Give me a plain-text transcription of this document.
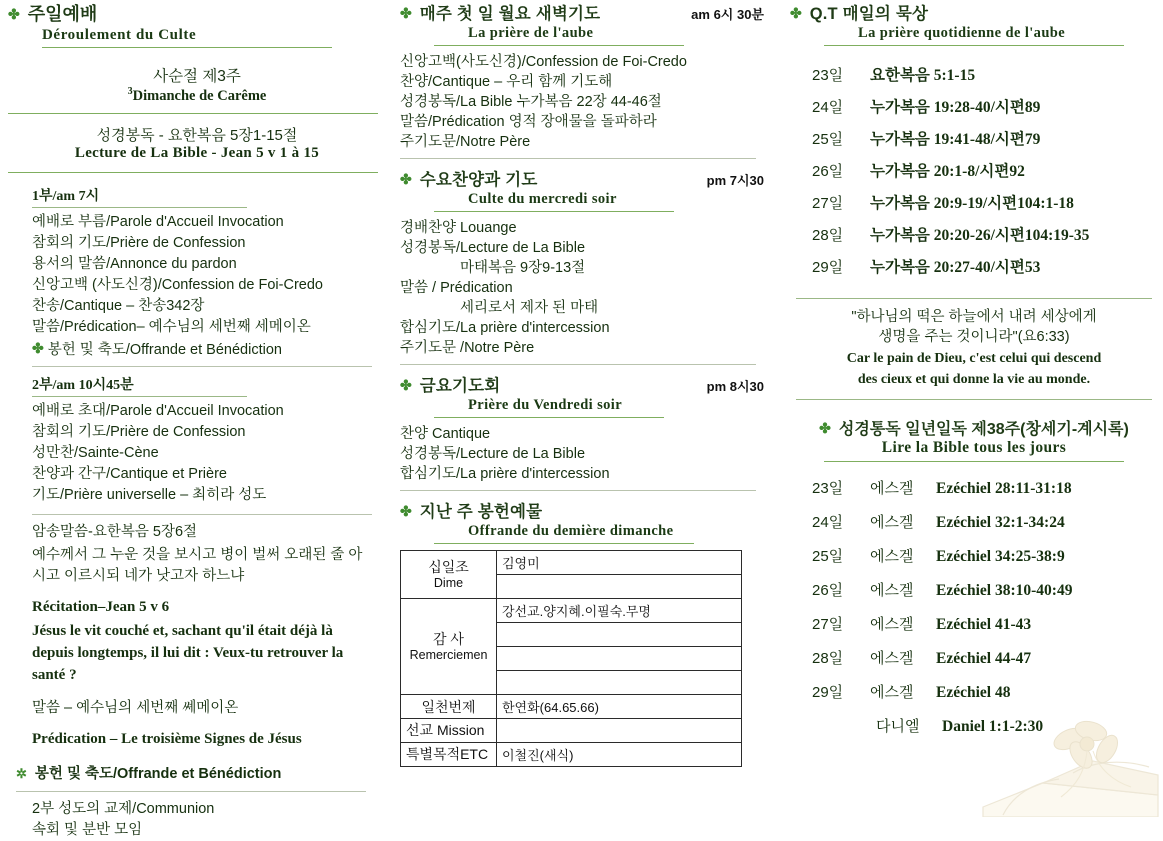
✤ 주일예배
Déroulement du Culte
사순절 제3주
$^3$Dimanche de Carême
성경봉독 - 요한복음 5장1-15절
Lecture de La Bible - Jean 5 v 1 à 15
1부/am 7시
예배로 부름/Parole d'Accueil Invocation
참회의 기도/Prière de Confession
용서의 말씀/Annonce du pardon
신앙고백 (사도신경)/Confession de Foi-Credo
찬송/Cantique – 찬송342장
말씀/Prédication– 예수님의 세번째 세메이온
✤ 봉헌 및 축도/Offrande et Bénédiction
2부/am 10시45분
예배로 초대/Parole d'Accueil Invocation
참회의 기도/Prière de Confession
성만찬/Sainte-Cène
찬양과 간구/Cantique et Prière
기도/Prière universelle – 최히라 성도
암송말씀-요한복음 5장6절
예수께서 그 누운 것을 보시고 병이 벌써 오래된 줄 아시고 이르시되 네가 낫고자 하느냐
Récitation–Jean 5 v 6
Jésus le vit couché et, sachant qu'il était déjà là depuis longtemps, il lui dit : Veux-tu retrouver la santé ?
말씀 – 예수님의 세번째 쎼메이온
Prédication – Le troisième Signes de Jésus
✲ 봉헌 및 축도/Offrande et Bénédiction
2부 성도의 교제/Communion
속회 및 분반 모임
am 6시 30분
✤ 매주 첫 일 월요 새벽기도
La prière de l'aube
신앙고백(사도신경)/Confession de Foi-Credo
찬양/Cantique – 우리 함께 기도해
성경봉독/La Bible 누가복음 22장 44-46절
말씀/Prédication 영적 장애물을 돌파하라
주기도문/Notre Père
pm 7시30
✤ 수요찬양과 기도
Culte du mercredi soir
경배찬양 Louange
성경봉독/Lecture de La Bible
마태복음 9장9-13절
말씀 / Prédication
세리로서 제자 된 마태
합심기도/La prière d'intercession
주기도문 /Notre Père
pm 8시30
✤ 금요기도회
Prière du Vendredi soir
찬양 Cantique
성경봉독/Lecture de La Bible
합심기도/La prière d'intercession
✤ 지난 주 봉헌예물
Offrande du demière dimanche
십일조
Dime	김영미

감 사
Remerciemen	강선교.양지혜.이필숙.무명

일천번제	한연화(64.65.66)
선교 Mission	
특별목적ETC	이철진(새식)
✤ Q.T 매일의 묵상
La prière quotidienne de l'aube
23일 요한복음 5:1-15
24일 누가복음 19:28-40/시편89
25일 누가복음 19:41-48/시편79
26일 누가복음 20:1-8/시편92
27일 누가복음 20:9-19/시편104:1-18
28일 누가복음 20:20-26/시편104:19-35
29일 누가복음 20:27-40/시편53
"하나님의 떡은 하늘에서 내려 세상에게
생명을 주는 것이니라"(요6:33)
Car le pain de Dieu, c'est celui qui descend
des cieux et qui donne la vie au monde.
✤ 성경통독 일년일독 제38주(창세기-계시록)
Lire la Bible tous les jours
23일 에스겔 Ezéchiel 28:11-31:18
24일 에스겔 Ezéchiel 32:1-34:24
25일 에스겔 Ezéchiel 34:25-38:9
26일 에스겔 Ezéchiel 38:10-40:49
27일 에스겔 Ezéchiel 41-43
28일 에스겔 Ezéchiel 44-47
29일 에스겔 Ezéchiel 48
다니엘 Daniel 1:1-2:30
